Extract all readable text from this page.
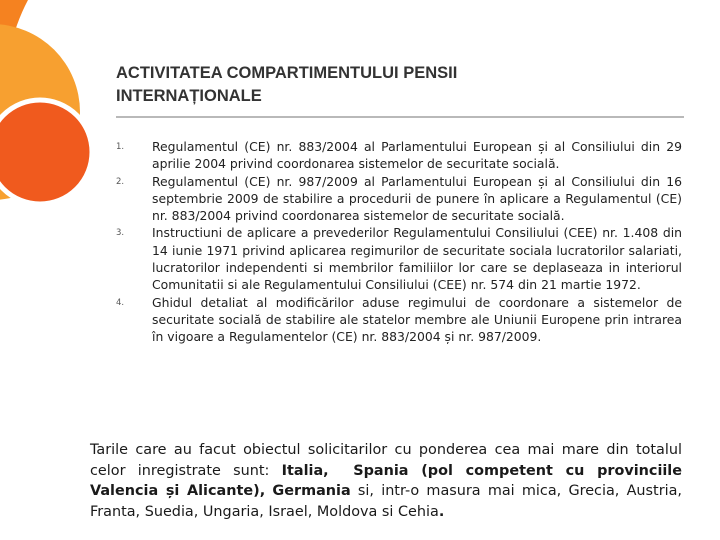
ACTIVITATEA COMPARTIMENTULUI PENSII
INTERNAȚIONALE
1.	Regulamentul (CE) nr. 883/2004 al Parlamentului European și al Consiliului din 29 aprilie 2004 privind coordonarea sistemelor de securitate socială.
2.	Regulamentul (CE) nr. 987/2009 al Parlamentului European și al Consiliului din 16 septembrie 2009 de stabilire a procedurii de punere în aplicare a Regulamentul (CE) nr. 883/2004 privind coordonarea sistemelor de securitate socială.
3.	Instructiuni de aplicare a prevederilor Regulamentului Consiliului (CEE) nr. 1.408 din 14 iunie 1971 privind aplicarea regimurilor de securitate sociala lucratorilor salariati, lucratorilor independenti si membrilor familiilor lor care se deplaseaza in interiorul Comunitatii si ale Regulamentului Consiliului (CEE) nr. 574 din 21 martie 1972.
4.	Ghidul detaliat al modificărilor aduse regimului de coordonare a sistemelor de securitate socială de stabilire ale statelor membre ale Uniunii Europene prin intrarea în vigoare a Regulamentelor (CE) nr. 883/2004 și nr. 987/2009.

Tarile care au facut obiectul solicitarilor cu ponderea cea mai mare din totalul celor inregistrate sunt: Italia, Spania (pol competent cu provinciile Valencia și Alicante), Germania si, intr-o masura mai mica, Grecia, Austria, Franta, Suedia, Ungaria, Israel, Moldova si Cehia.
